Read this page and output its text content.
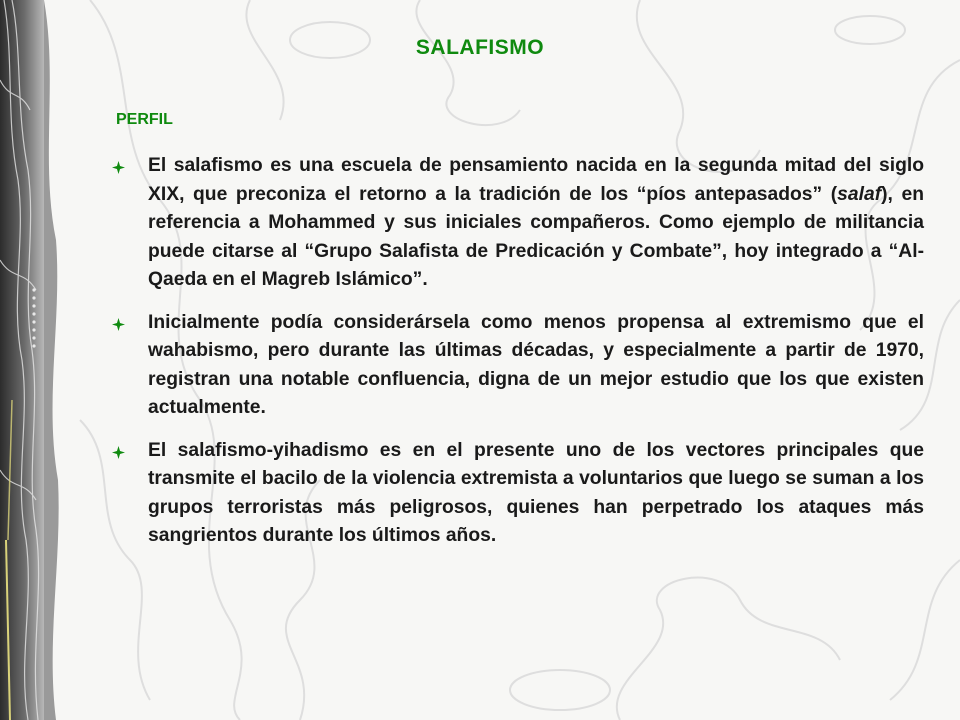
SALAFISMO
PERFIL
El salafismo es una escuela de pensamiento nacida en la segunda mitad del siglo XIX, que preconiza el retorno a la tradición de los “píos antepasados” (salaf), en referencia a Mohammed y sus iniciales compañeros. Como ejemplo de militancia puede citarse al “Grupo Salafista de Predicación y Combate”, hoy integrado a “Al-Qaeda en el Magreb Islámico”.
Inicialmente podía considerársela como menos propensa al extremismo que el wahabismo, pero durante las últimas décadas, y especialmente a partir de 1970, registran una notable confluencia, digna de un mejor estudio que los que existen actualmente.
El salafismo-yihadismo es en el presente uno de los vectores principales que transmite el bacilo de la violencia extremista a voluntarios que luego se suman a los grupos terroristas más peligrosos, quienes han perpetrado los ataques más sangrientos durante los últimos años.
